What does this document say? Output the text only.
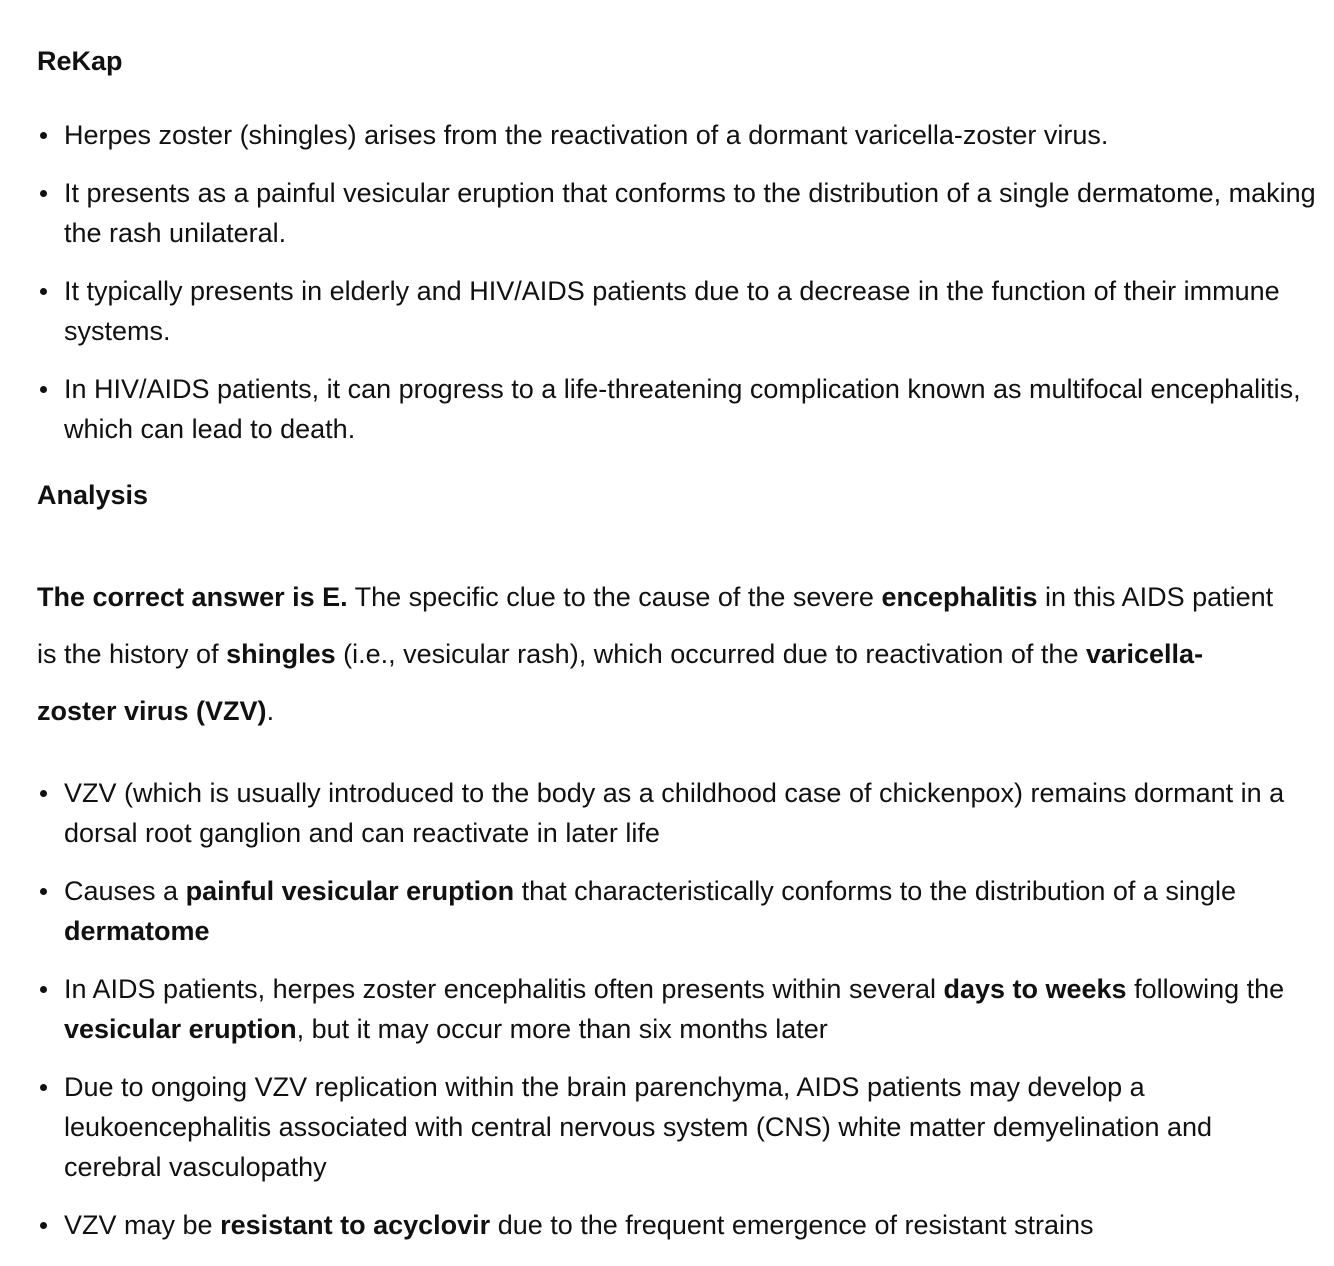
ReKap
Herpes zoster (shingles) arises from the reactivation of a dormant varicella-zoster virus.
It presents as a painful vesicular eruption that conforms to the distribution of a single dermatome, making the rash unilateral.
It typically presents in elderly and HIV/AIDS patients due to a decrease in the function of their immune systems.
In HIV/AIDS patients, it can progress to a life-threatening complication known as multifocal encephalitis, which can lead to death.
Analysis

The correct answer is E. The specific clue to the cause of the severe encephalitis in this AIDS patient is the history of shingles (i.e., vesicular rash), which occurred due to reactivation of the varicella-zoster virus (VZV).

VZV (which is usually introduced to the body as a childhood case of chickenpox) remains dormant in a dorsal root ganglion and can reactivate in later life
Causes a painful vesicular eruption that characteristically conforms to the distribution of a single dermatome
In AIDS patients, herpes zoster encephalitis often presents within several days to weeks following the vesicular eruption, but it may occur more than six months later
Due to ongoing VZV replication within the brain parenchyma, AIDS patients may develop a leukoencephalitis associated with central nervous system (CNS) white matter demyelination and cerebral vasculopathy
VZV may be resistant to acyclovir due to the frequent emergence of resistant strains
